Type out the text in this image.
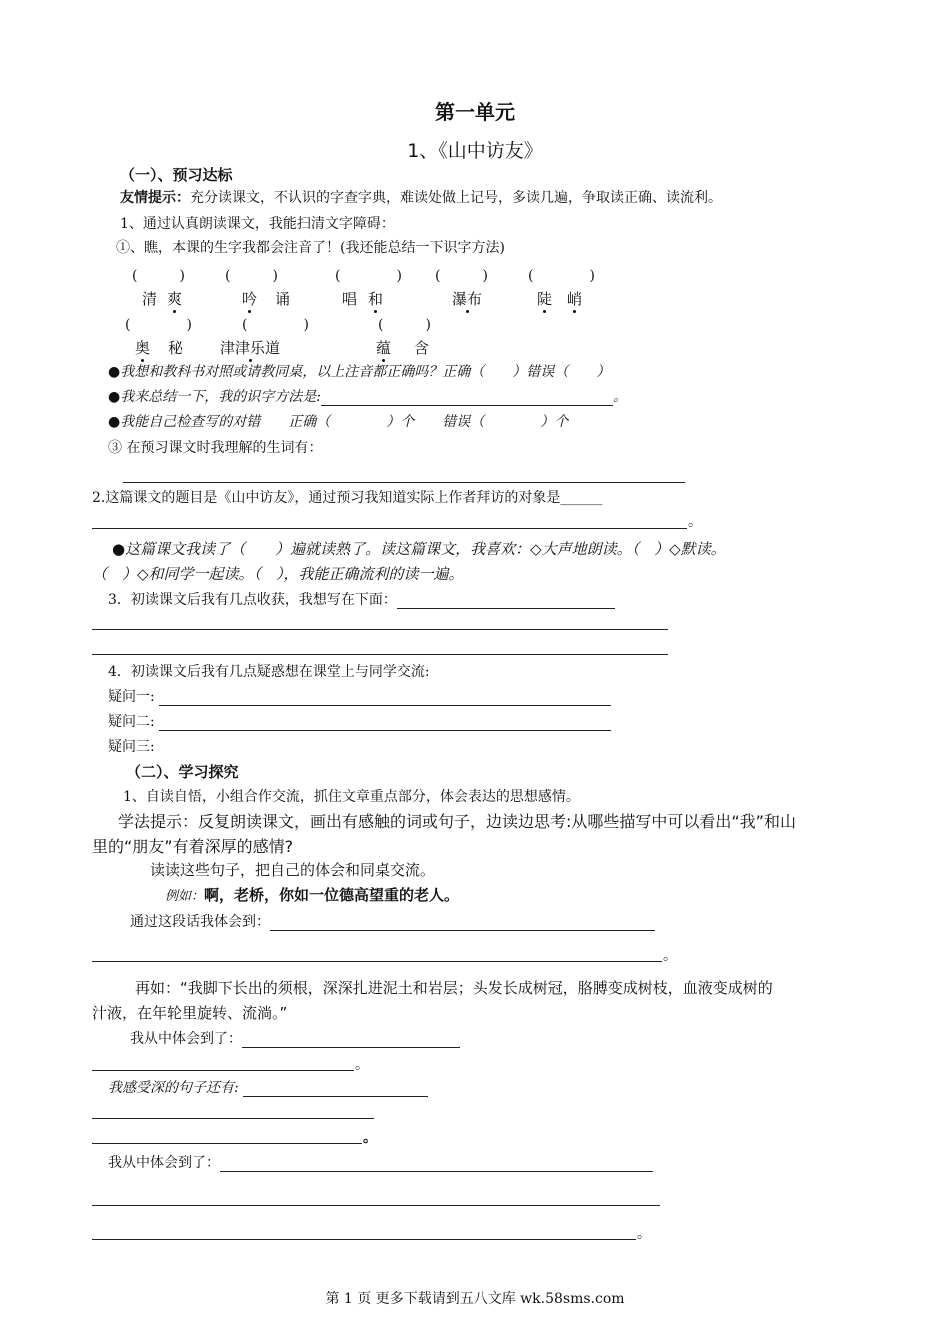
第一单元
1、《山中访友》
（一）、预习达标
友情提示：充分读课文，不认识的字查字典，难读处做上记号，多读几遍，争取读正确、读流利。
1、通过认真朗读课文，我能扫清文字障碍：
①、瞧，本课的生字我都会注音了！(我还能总结一下识字方法)
(　　　)	(　　　)	(　　　　) (　　　)	(　　　　)
清 爽	吟 诵	唱 和	瀑布	陡 峭
(　　　　)	(　　　　)	(　　　)
奥 秘 津津乐道	蕴 含
●我想和教科书对照或请教同桌，以上注音都正确吗？正确（　　）错误（　　）
●我来总结一下，我的识字方法是:	。
●我能自己检查写的对错　　正确（　　　　）个　　错误（　　　　）个
③ 在预习课文时我理解的生词有：
2.这篇课文的题目是《山中访友》，通过预习我知道实际上作者拜访的对象是______
。
●这篇课文我读了（　　）遍就读熟了。读这篇课文，我喜欢：◇大声地朗读。（　）◇默读。
（　）◇和同学一起读。（　），我能正确流利的读一遍。
3．初读课文后我有几点收获，我想写在下面：
4．初读课文后我有几点疑惑想在课堂上与同学交流:
疑问一:
疑问二:
疑问三:
（二）、学习探究
1、自读自悟，小组合作交流，抓住文章重点部分，体会表达的思想感情。
学法提示：反复朗读课文，画出有感触的词或句子，边读边思考:从哪些描写中可以看出“我”和山
里的“朋友”有着深厚的感情?
读读这些句子，把自己的体会和同桌交流。
例如：啊，老桥，你如一位德高望重的老人。
通过这段话我体会到：
。
再如：“我脚下长出的须根，深深扎进泥土和岩层；头发长成树冠，胳膊变成树枝，血液变成树的
汁液，在年轮里旋转、流淌。”
我从中体会到了：
。
我感受深的句子还有:
。
我从中体会到了：
。
第 1 页 更多下载请到五八文库 wk.58sms.com
